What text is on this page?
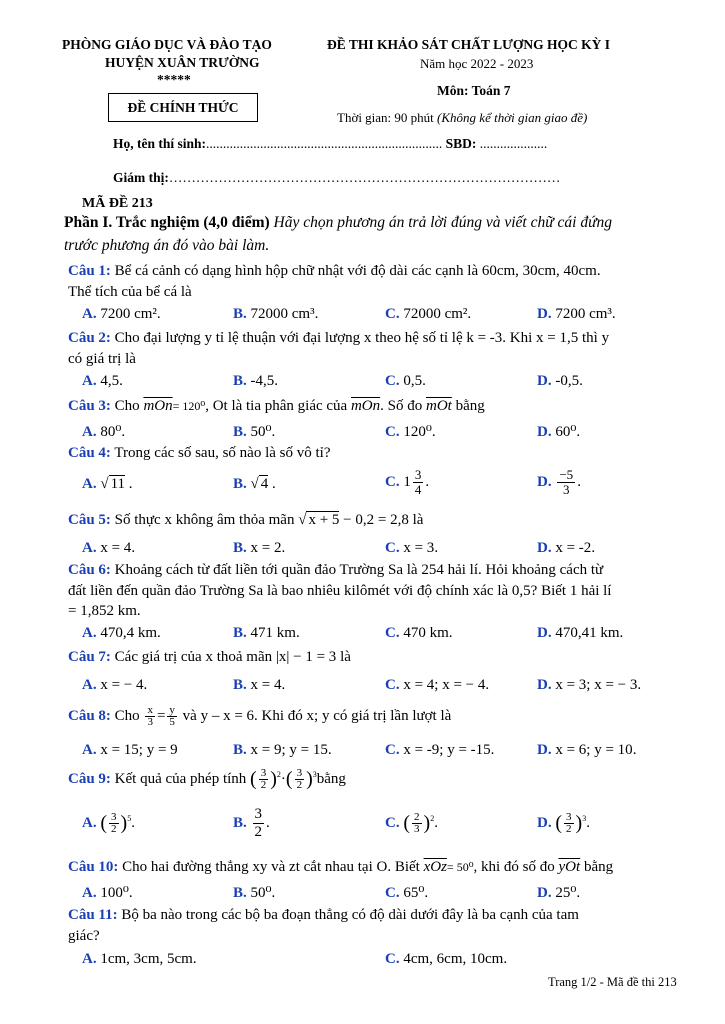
PHÒNG GIÁO DỤC VÀ ĐÀO TẠO
HUYỆN XUÂN TRƯỜNG
*****
ĐỀ CHÍNH THỨC
ĐỀ THI KHẢO SÁT CHẤT LƯỢNG HỌC KỲ I
Năm học 2022 - 2023
Môn: Toán 7
Thời gian: 90 phút (Không kể thời gian giao đề)
Họ, tên thí sinh:...................................................................... SBD: ....................
Giám thị:……………………………………………………………………………
MÃ ĐỀ 213
Phần I. Trắc nghiệm (4,0 điểm) Hãy chọn phương án trả lời đúng và viết chữ cái đứng
trước phương án đó vào bài làm.
Câu 1: Bể cá cảnh có dạng hình hộp chữ nhật với độ dài các cạnh là 60cm, 30cm, 40cm.
Thể tích của bể cá là
A. 7200 cm².	B. 72000 cm³.	C. 72000 cm².	D. 7200 cm³.
Câu 2: Cho đại lượng y tỉ lệ thuận với đại lượng x theo hệ số tỉ lệ k = -3. Khi x = 1,5 thì y
có giá trị là
A. 4,5.	B. -4,5.	C. 0,5.	D. -0,5.
Câu 3: Cho $\overline{mOn}= 120^0$, Ot là tia phân giác của $\overline{mOn}$. Số đo $\overline{mOt}$ bằng
A. 80⁰.	B. 50⁰.	C. 120⁰.	D. 60⁰.
Câu 4: Trong các số sau, số nào là số vô tỉ?
A. √ 11 .	B. √ 4 .	C. $1 \frac{3}{4}$ .	D. $\frac{-5}{3}$ .
Câu 5: Số thực x không âm thỏa mãn √ x + 5 − 0,2 = 2,8 là
A. x = 4.	B. x = 2.	C. x = 3.	D. x = -2.
Câu 6: Khoảng cách từ đất liền tới quần đảo Trường Sa là 254 hải lí. Hỏi khoảng cách từ
đất liền đến quần đảo Trường Sa là bao nhiêu kilômét với độ chính xác là 0,5? Biết 1 hải lí
= 1,852 km.
A. 470,4 km.	B. 471 km.	C. 470 km.	D. 470,41 km.
Câu 7: Các giá trị của x thoả mãn |x| − 1 = 3 là
A. x = − 4.	B. x = 4.	C. x = 4; x = − 4.	D. x = 3; x = − 3.
Câu 8: Cho $\frac{x}{3} = \frac{y}{5}$ và y – x = 6. Khi đó x; y có giá trị lần lượt là
A. x = 15; y = 9	B. x = 9; y = 15.	C. x = -9; y = -15.	D. x = 6; y = 10.
Câu 9: Kết quả của phép tính ( $\frac{3}{2} )^2\cdot( \frac{3}{2}$ )$^3bằng$
A. ( $\frac{3}{2} )^5$.	B. $\frac{3}{2}$ .	C. ( $\frac{2}{3} )^2$.	D. ( $\frac{3}{2} )^3$.
Câu 10: Cho hai đường thẳng xy và zt cắt nhau tại O. Biết $\overline{xOz}= 50^0$, khi đó số đo $\overline{yOt}$ bằng
A. 100⁰.	B. 50⁰.	C. 65⁰.	D. 25⁰.
Câu 11: Bộ ba nào trong các bộ ba đoạn thẳng có độ dài dưới đây là ba cạnh của tam
giác?
A. 1cm, 3cm, 5cm.	C. 4cm, 6cm, 10cm.
Trang 1/2 - Mã đề thi 213
